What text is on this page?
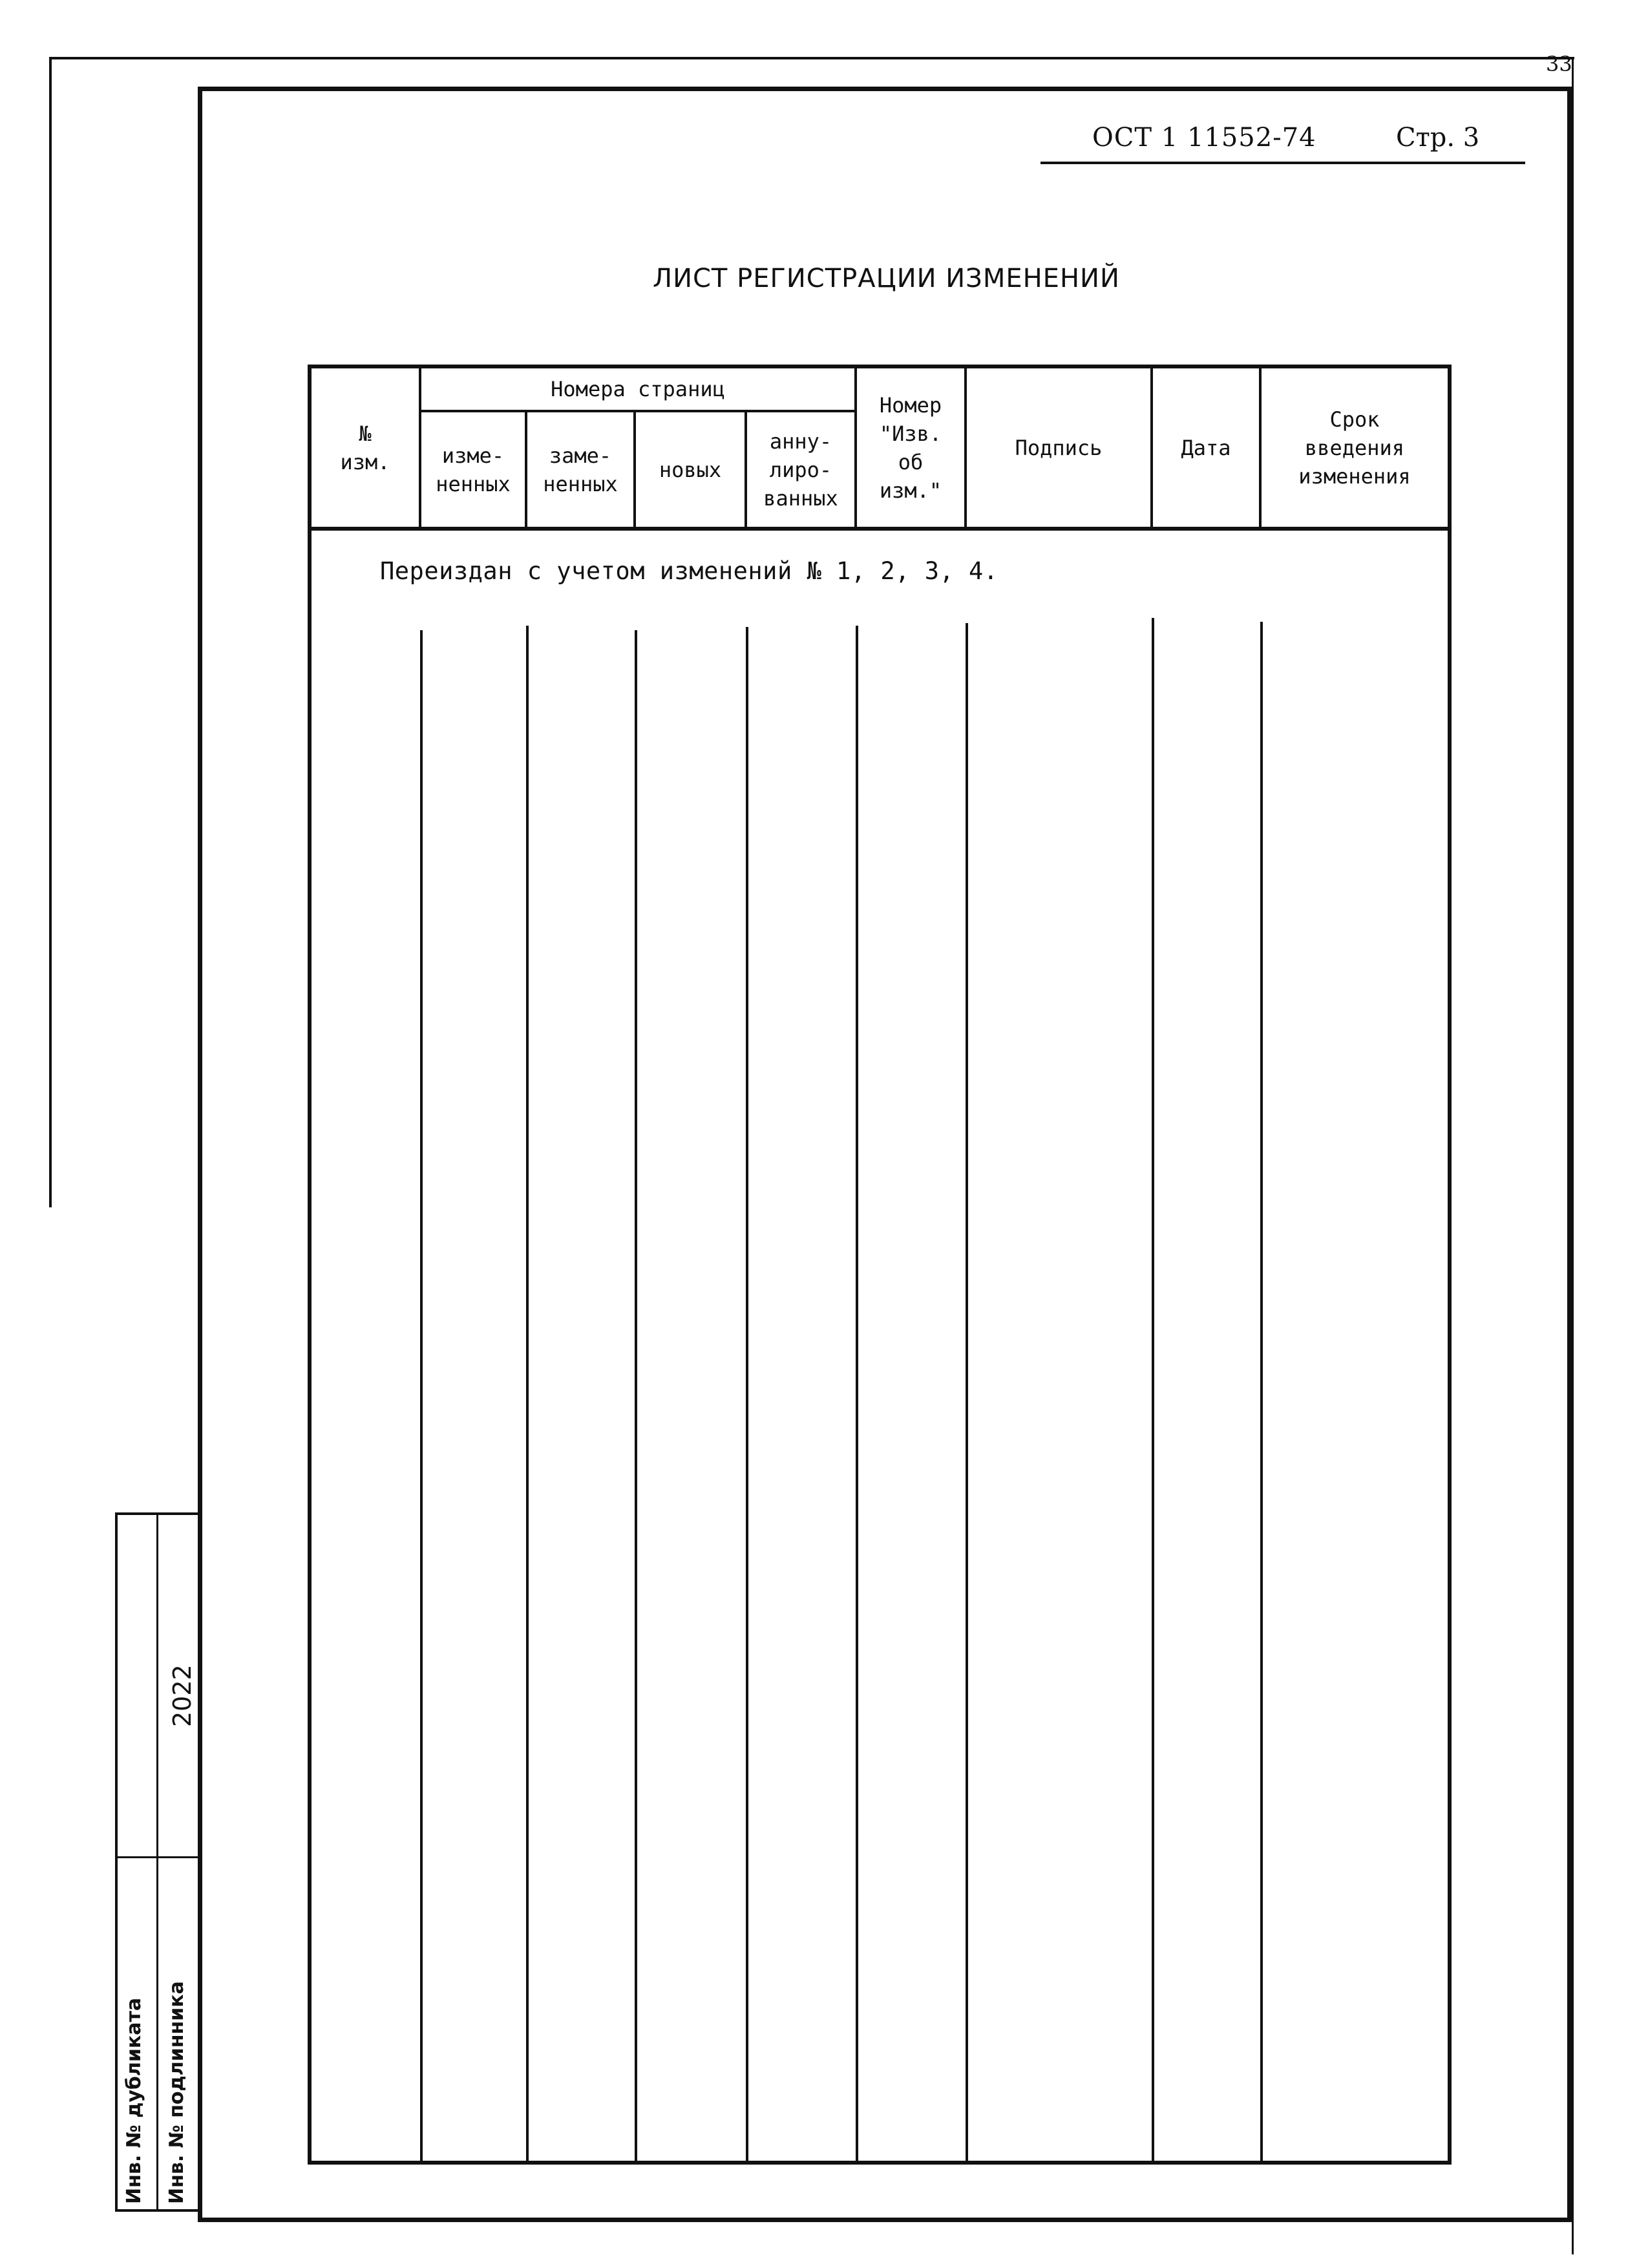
33
ОСТ 1 11552-74	Стр. 3
ЛИСТ РЕГИСТРАЦИИ ИЗМЕНЕНИЙ
№
изм.
Номера страниц
изме-
ненных
заме-
ненных
новых
анну-
лиро-
ванных
Номер
"Изв.
об
изм."
Подпись	Дата
Срок
введения
изменения
Переиздан с учетом изменений № 1, 2, 3, 4.
Инв. № дубликата Инв. № подлинника
2022
